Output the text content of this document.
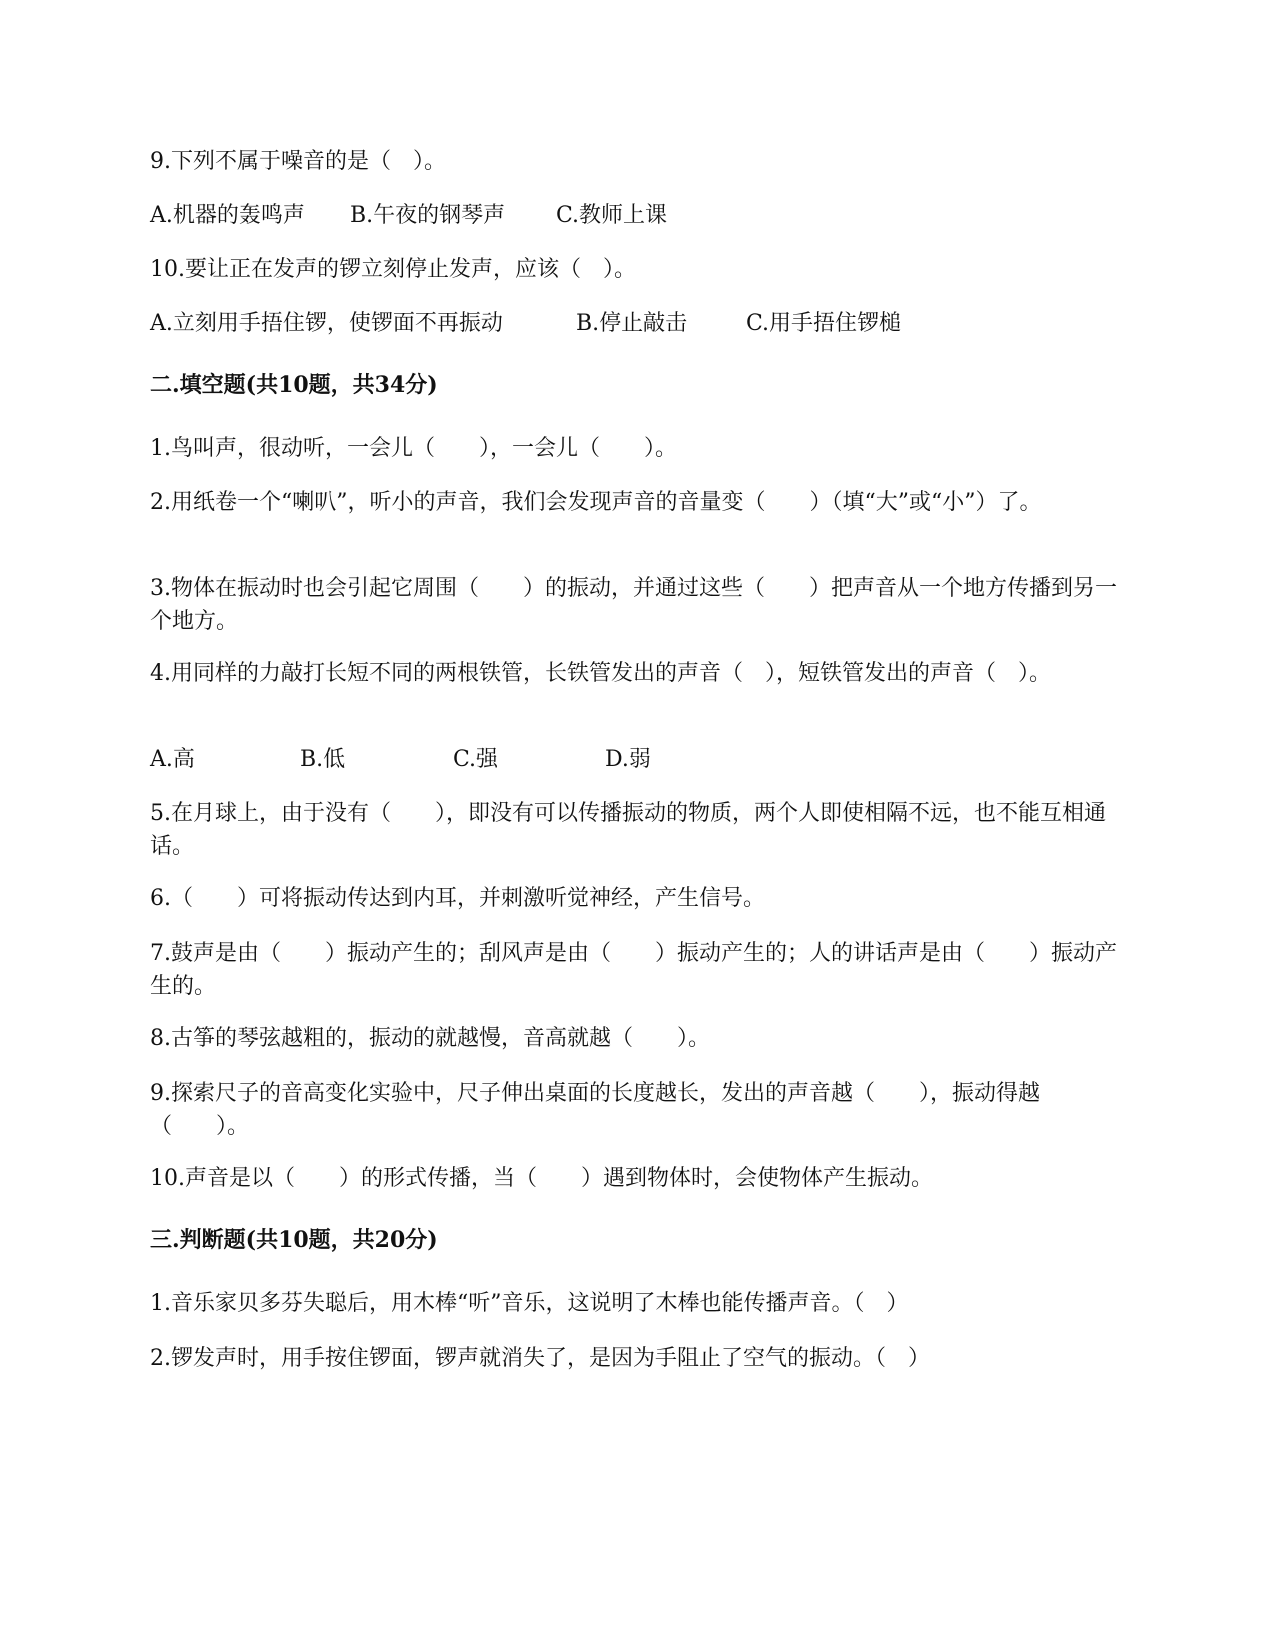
9.下列不属于噪音的是（　）。

A.机器的轰鸣声 B.午夜的钢琴声 C.教师上课

10.要让正在发声的锣立刻停止发声，应该（　）。

A.立刻用手捂住锣，使锣面不再振动	B.停止敲击	C.用手捂住锣槌

二.填空题(共10题，共34分)

1.鸟叫声，很动听，一会儿（　　），一会儿（　　）。

2.用纸卷一个“喇叭”，听小的声音，我们会发现声音的音量变（　　）（填“大”或“小”）了。

3.物体在振动时也会引起它周围（　　）的振动，并通过这些（　　）把声音从一个地方传播到另一个地方。

4.用同样的力敲打长短不同的两根铁管，长铁管发出的声音（　），短铁管发出的声音（　）。

A.高	B.低	C.强	D.弱

5.在月球上，由于没有（　　），即没有可以传播振动的物质，两个人即使相隔不远，也不能互相通话。

6.（　　）可将振动传达到内耳，并刺激听觉神经，产生信号。

7.鼓声是由（　　）振动产生的；刮风声是由（　　）振动产生的；人的讲话声是由（　　）振动产生的。

8.古筝的琴弦越粗的，振动的就越慢，音高就越（　　）。

9.探索尺子的音高变化实验中，尺子伸出桌面的长度越长，发出的声音越（　　），振动得越（　　）。

10.声音是以（　　）的形式传播，当（　　）遇到物体时，会使物体产生振动。

三.判断题(共10题，共20分)

1.音乐家贝多芬失聪后，用木棒“听”音乐，这说明了木棒也能传播声音。（　）

2.锣发声时，用手按住锣面，锣声就消失了，是因为手阻止了空气的振动。（　）
